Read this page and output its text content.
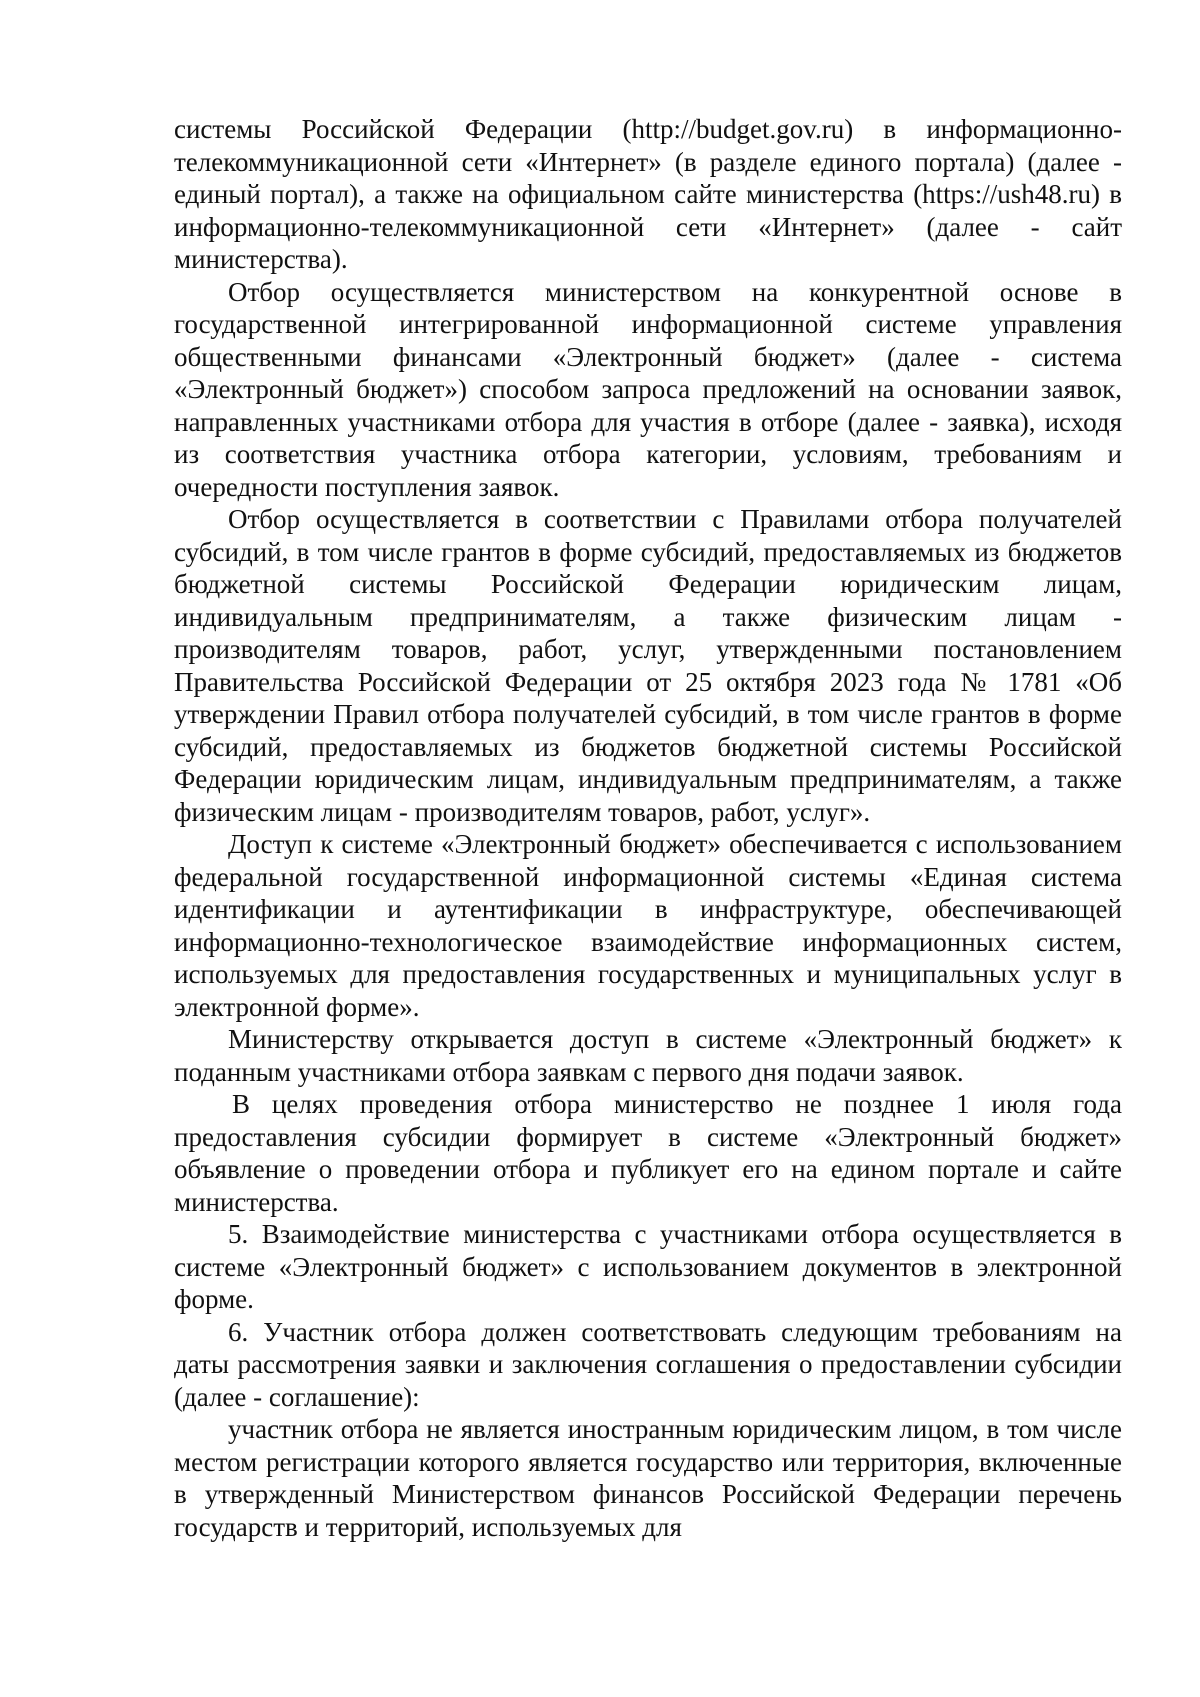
системы Российской Федерации (http://budget.gov.ru) в информационно-телекоммуникационной сети «Интернет» (в разделе единого портала) (далее - единый портал), а также на официальном сайте министерства (https://ush48.ru) в информационно-телекоммуникационной сети «Интернет» (далее - сайт министерства).

Отбор осуществляется министерством на конкурентной основе в государственной интегрированной информационной системе управления общественными финансами «Электронный бюджет» (далее - система «Электронный бюджет») способом запроса предложений на основании заявок, направленных участниками отбора для участия в отборе (далее - заявка), исходя из соответствия участника отбора категории, условиям, требованиям и очередности поступления заявок.

Отбор осуществляется в соответствии с Правилами отбора получателей субсидий, в том числе грантов в форме субсидий, предоставляемых из бюджетов бюджетной системы Российской Федерации юридическим лицам, индивидуальным предпринимателям, а также физическим лицам - производителям товаров, работ, услуг, утвержденными постановлением Правительства Российской Федерации от 25 октября 2023 года № 1781 «Об утверждении Правил отбора получателей субсидий, в том числе грантов в форме субсидий, предоставляемых из бюджетов бюджетной системы Российской Федерации юридическим лицам, индивидуальным предпринимателям, а также физическим лицам - производителям товаров, работ, услуг».

Доступ к системе «Электронный бюджет» обеспечивается с использованием федеральной государственной информационной системы «Единая система идентификации и аутентификации в инфраструктуре, обеспечивающей информационно-технологическое взаимодействие информационных систем, используемых для предоставления государственных и муниципальных услуг в электронной форме».

Министерству открывается доступ в системе «Электронный бюджет» к поданным участниками отбора заявкам с первого дня подачи заявок.

В целях проведения отбора министерство не позднее 1 июля года предоставления субсидии формирует в системе «Электронный бюджет» объявление о проведении отбора и публикует его на едином портале и сайте министерства.

5. Взаимодействие министерства с участниками отбора осуществляется в системе «Электронный бюджет» с использованием документов в электронной форме.

6. Участник отбора должен соответствовать следующим требованиям на даты рассмотрения заявки и заключения соглашения о предоставлении субсидии (далее - соглашение):

участник отбора не является иностранным юридическим лицом, в том числе местом регистрации которого является государство или территория, включенные в утвержденный Министерством финансов Российской Федерации перечень государств и территорий, используемых для
